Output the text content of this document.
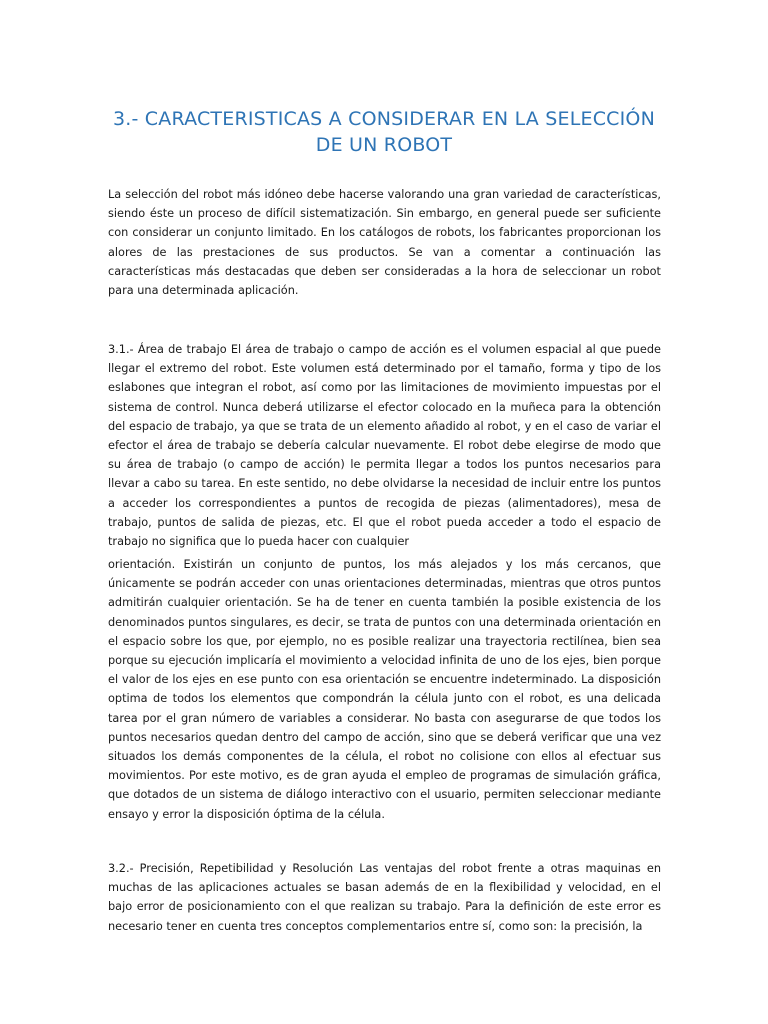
3.- CARACTERISTICAS A CONSIDERAR EN LA SELECCIÓN DE UN ROBOT

La selección del robot más idóneo debe hacerse valorando una gran variedad de características, siendo éste un proceso de difícil sistematización. Sin embargo, en general puede ser suficiente con considerar un conjunto limitado. En los catálogos de robots, los fabricantes proporcionan los alores de las prestaciones de sus productos. Se van a comentar a continuación las características más destacadas que deben ser consideradas a la hora de seleccionar un robot para una determinada aplicación.

3.1.- Área de trabajo El área de trabajo o campo de acción es el volumen espacial al que puede llegar el extremo del robot. Este volumen está determinado por el tamaño, forma y tipo de los eslabones que integran el robot, así como por las limitaciones de movimiento impuestas por el sistema de control. Nunca deberá utilizarse el efector colocado en la muñeca para la obtención del espacio de trabajo, ya que se trata de un elemento añadido al robot, y en el caso de variar el efector el área de trabajo se debería calcular nuevamente. El robot debe elegirse de modo que su área de trabajo (o campo de acción) le permita llegar a todos los puntos necesarios para llevar a cabo su tarea. En este sentido, no debe olvidarse la necesidad de incluir entre los puntos a acceder los correspondientes a puntos de recogida de piezas (alimentadores), mesa de trabajo, puntos de salida de piezas, etc. El que el robot pueda acceder a todo el espacio de trabajo no significa que lo pueda hacer con cualquier

orientación. Existirán un conjunto de puntos, los más alejados y los más cercanos, que únicamente se podrán acceder con unas orientaciones determinadas, mientras que otros puntos admitirán cualquier orientación. Se ha de tener en cuenta también la posible existencia de los denominados puntos singulares, es decir, se trata de puntos con una determinada orientación en el espacio sobre los que, por ejemplo, no es posible realizar una trayectoria rectilínea, bien sea porque su ejecución implicaría el movimiento a velocidad infinita de uno de los ejes, bien porque el valor de los ejes en ese punto con esa orientación se encuentre indeterminado. La disposición optima de todos los elementos que compondrán la célula junto con el robot, es una delicada tarea por el gran número de variables a considerar. No basta con asegurarse de que todos los puntos necesarios quedan dentro del campo de acción, sino que se deberá verificar que una vez situados los demás componentes de la célula, el robot no colisione con ellos al efectuar sus movimientos. Por este motivo, es de gran ayuda el empleo de programas de simulación gráfica, que dotados de un sistema de diálogo interactivo con el usuario, permiten seleccionar mediante ensayo y error la disposición óptima de la célula.

3.2.- Precisión, Repetibilidad y Resolución Las ventajas del robot frente a otras maquinas en muchas de las aplicaciones actuales se basan además de en la flexibilidad y velocidad, en el bajo error de posicionamiento con el que realizan su trabajo. Para la definición de este error es necesario tener en cuenta tres conceptos complementarios entre sí, como son: la precisión, la
